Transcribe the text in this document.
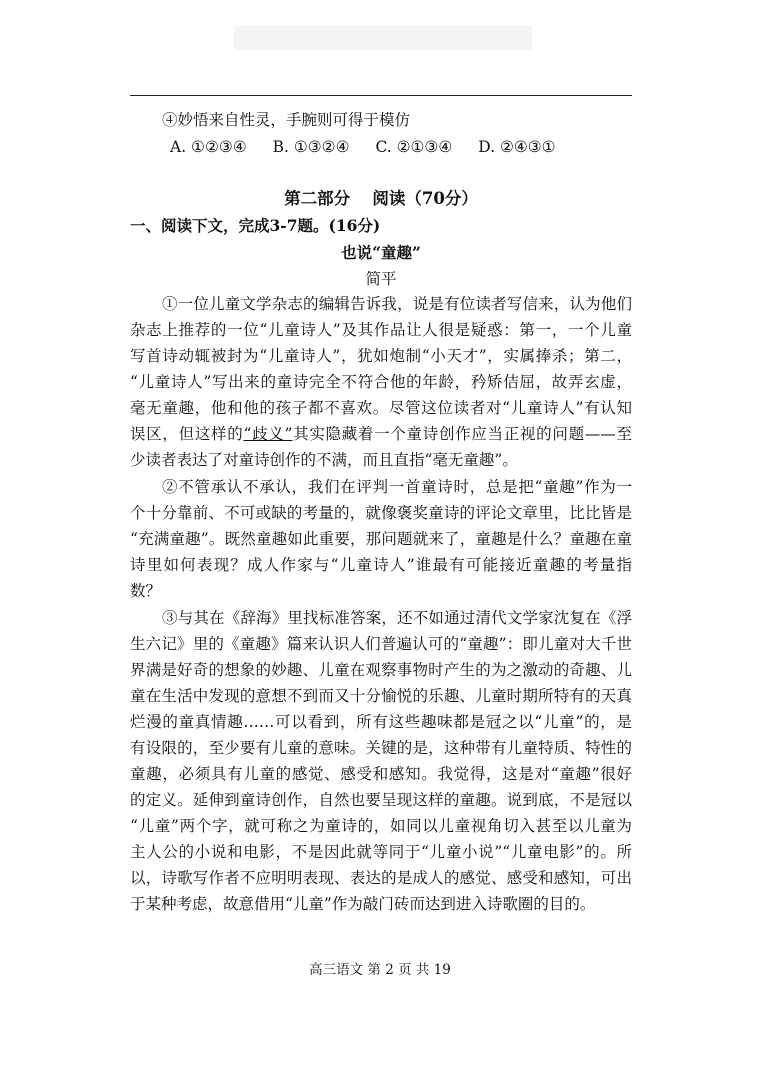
④妙悟来自性灵，手腕则可得于模仿
A. ①②③④ B. ①③②④ C. ②①③④ D. ②④③①
第二部分　 阅读（70分）
一、阅读下文，完成3-7题。(16分)
也说“童趣”
简平
①一位儿童文学杂志的编辑告诉我，说是有位读者写信来，认为他们
杂志上推荐的一位“儿童诗人”及其作品让人很是疑惑：第一，一个儿童
写首诗动辄被封为“儿童诗人”，犹如炮制“小天才”，实属捧杀；第二，
“儿童诗人”写出来的童诗完全不符合他的年龄，矜矫佶屈，故弄玄虚，
毫无童趣，他和他的孩子都不喜欢。尽管这位读者对“儿童诗人”有认知
误区，但这样的“歧义”其实隐藏着一个童诗创作应当正视的问题——至
少读者表达了对童诗创作的不满，而且直指“毫无童趣”。
②不管承认不承认，我们在评判一首童诗时，总是把“童趣”作为一
个十分靠前、不可或缺的考量的，就像褒奖童诗的评论文章里，比比皆是
“充满童趣”。既然童趣如此重要，那问题就来了，童趣是什么？童趣在童
诗里如何表现？成人作家与“儿童诗人”谁最有可能接近童趣的考量指
数？
③与其在《辞海》里找标准答案，还不如通过清代文学家沈复在《浮
生六记》里的《童趣》篇来认识人们普遍认可的“童趣”：即儿童对大千世
界满是好奇的想象的妙趣、儿童在观察事物时产生的为之激动的奇趣、儿
童在生活中发现的意想不到而又十分愉悦的乐趣、儿童时期所特有的天真
烂漫的童真情趣……可以看到，所有这些趣味都是冠之以“儿童”的，是
有设限的，至少要有儿童的意味。关键的是，这种带有儿童特质、特性的
童趣，必须具有儿童的感觉、感受和感知。我觉得，这是对“童趣”很好
的定义。延伸到童诗创作，自然也要呈现这样的童趣。说到底，不是冠以
“儿童”两个字，就可称之为童诗的，如同以儿童视角切入甚至以儿童为
主人公的小说和电影，不是因此就等同于“儿童小说”“儿童电影”的。所
以，诗歌写作者不应明明表现、表达的是成人的感觉、感受和感知，可出
于某种考虑，故意借用“儿童”作为敲门砖而达到进入诗歌圈的目的。
高三语文 第 2 页 共 19
